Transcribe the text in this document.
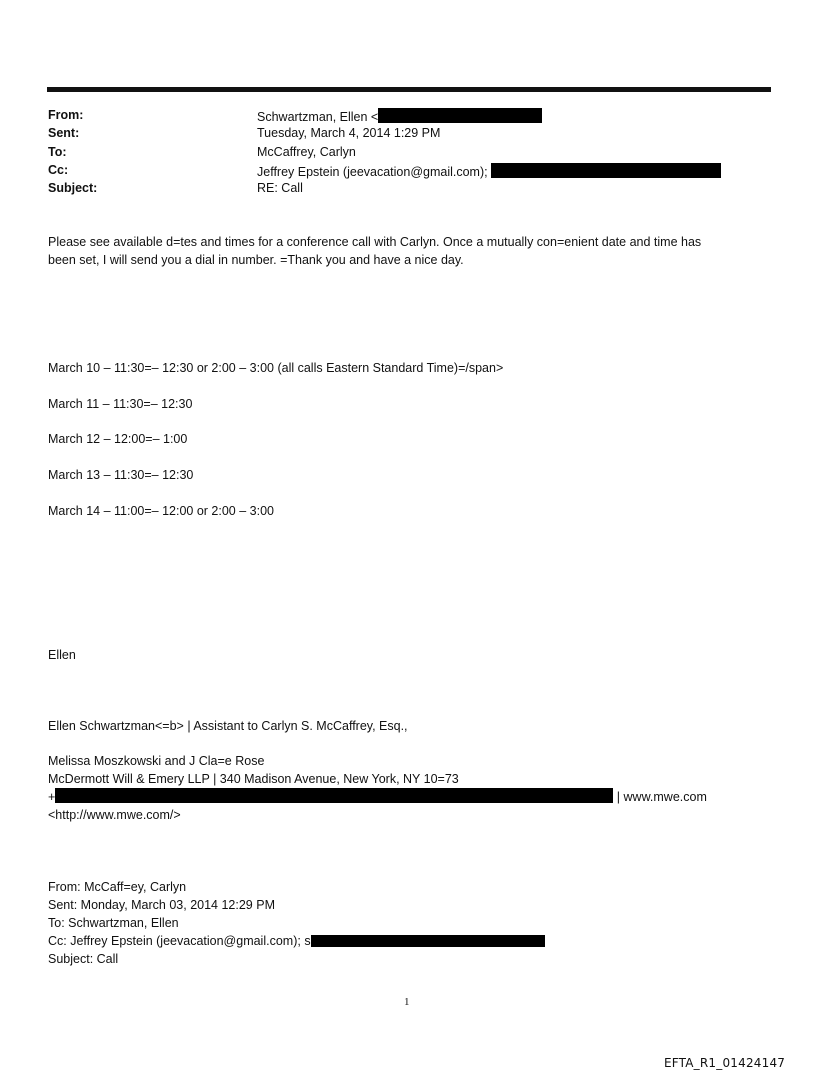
From:	Schwartzman, Ellen <
Sent:	Tuesday, March 4, 2014 1:29 PM
To:	McCaffrey, Carlyn
Cc:	Jeffrey Epstein (jeevacation@gmail.com);
Subject:	RE: Call
Please see available d=tes and times for a conference call with Carlyn. Once a mutually con=enient date and time has
been set, I will send you a dial in number. =Thank you and have a nice day.
March 10 – 11:30=– 12:30 or 2:00 – 3:00 (all calls Eastern Standard Time)=/span>
March 11 – 11:30=– 12:30
March 12 – 12:00=– 1:00
March 13 – 11:30=– 12:30
March 14 – 11:00=– 12:00 or 2:00 – 3:00
Ellen
Ellen Schwartzman<=b> | Assistant to Carlyn S. McCaffrey, Esq.,
Melissa Moszkowski and J Cla=e Rose
McDermott Will & Emery LLP | 340 Madison Avenue, New York, NY 10=73
+	| www.mwe.com
<http://www.mwe.com/>
From: McCaff=ey, Carlyn
Sent: Monday, March 03, 2014 12:29 PM
To: Schwartzman, Ellen
Cc: Jeffrey Epstein (jeevacation@gmail.com); s
Subject: Call
1
EFTA_R1_01424147
